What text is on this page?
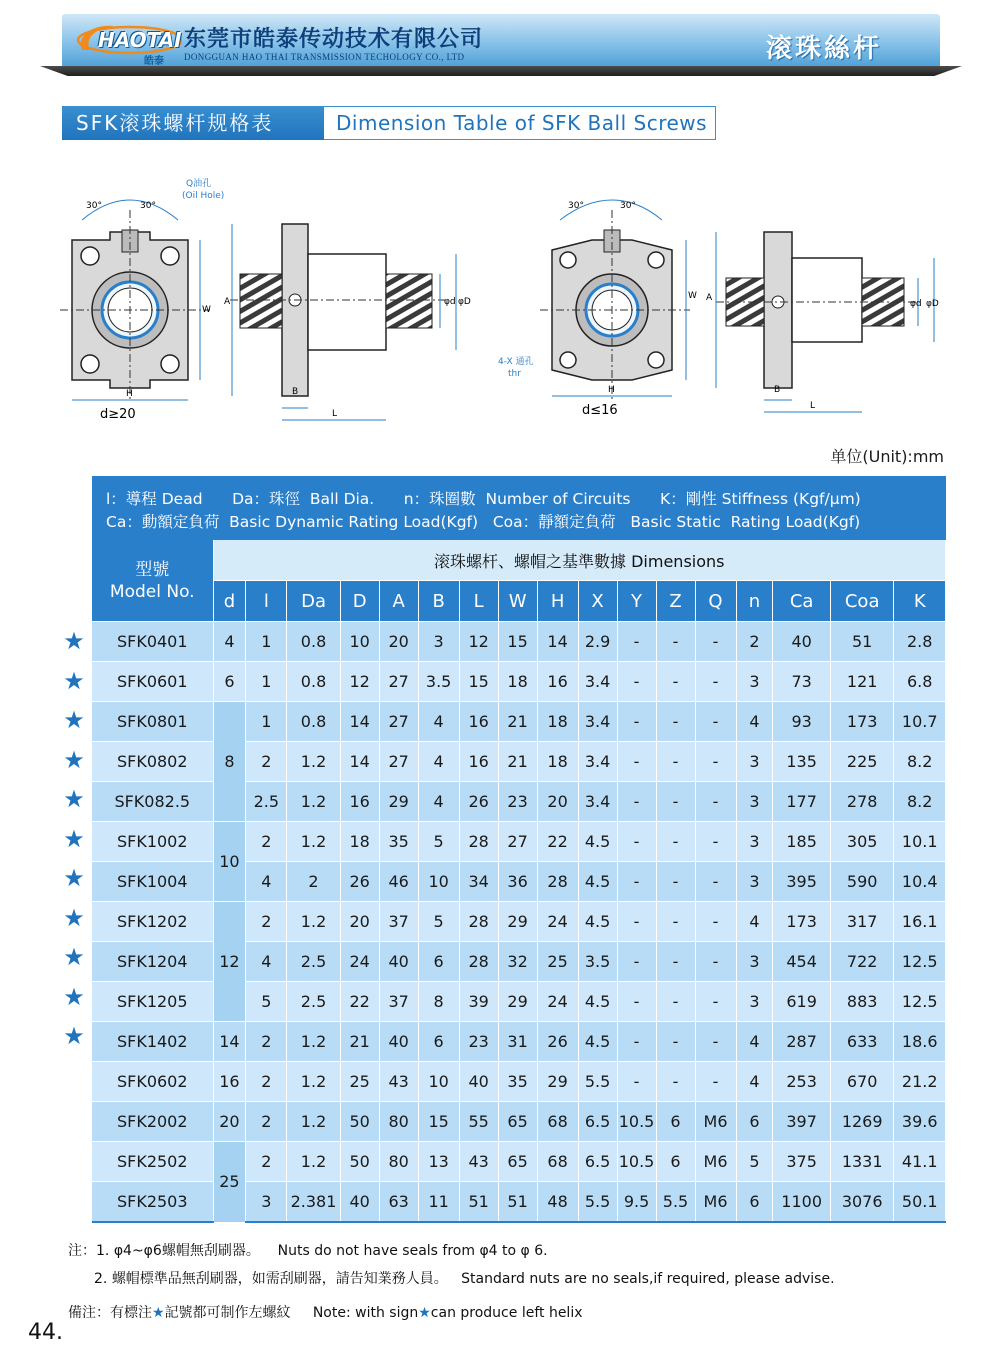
HAOTAI
皓泰
东莞市皓泰传动技术有限公司
DONGGUAN HAO THAI TRANSMISSION TECHOLOGY CO., LTD	滚珠絲杆
SFK滚珠螺杆规格表	Dimension Table of SFK Ball Screws
30°	30°
Q油孔
(Oil Hole)
W
H
d≥20
A	φd φD
B
L
30°	30°
4-X 通孔
thr
W
H
d≤16
A
φd φD
B
L
单位(Unit):mm
l：導程 Dead      Da：珠徑  Ball Dia.      n：珠圈數  Number of Circuits      K：剛性 Stiffness (Kgf/μm)
Ca：動額定負荷  Basic Dynamic Rating Load(Kgf)   Coa：靜額定負荷   Basic Static  Rating Load(Kgf)
型號
Model No.	滚珠螺杆、螺帽之基準數據 Dimensions																
	d	l	Da	D	A	B	L	W	H	X	Y	Z	Q	n	Ca	Coa	K
SFK0401	4	1	0.8	10	20	3	12	15	14	2.9	-	-	-	2	40	51	2.8
SFK0601	6	1	0.8	12	27	3.5	15	18	16	3.4	-	-	-	3	73	121	6.8
SFK0801	8	1	0.8	14	27	4	16	21	18	3.4	-	-	-	4	93	173	10.7
SFK0802		2	1.2	14	27	4	16	21	18	3.4	-	-	-	3	135	225	8.2
SFK082.5		2.5	1.2	16	29	4	26	23	20	3.4	-	-	-	3	177	278	8.2
SFK1002	10	2	1.2	18	35	5	28	27	22	4.5	-	-	-	3	185	305	10.1
SFK1004		4	2	26	46	10	34	36	28	4.5	-	-	-	3	395	590	10.4
SFK1202	12	2	1.2	20	37	5	28	29	24	4.5	-	-	-	4	173	317	16.1
SFK1204		4	2.5	24	40	6	28	32	25	3.5	-	-	-	3	454	722	12.5
SFK1205		5	2.5	22	37	8	39	29	24	4.5	-	-	-	3	619	883	12.5
SFK1402	14	2	1.2	21	40	6	23	31	26	4.5	-	-	-	4	287	633	18.6
SFK0602	16	2	1.2	25	43	10	40	35	29	5.5	-	-	-	4	253	670	21.2
SFK2002	20	2	1.2	50	80	15	55	65	68	6.5	10.5	6	M6	6	397	1269	39.6
SFK2502	25	2	1.2	50	80	13	43	65	68	6.5	10.5	6	M6	5	375	1331	41.1
SFK2503		3	2.381	40	63	11	51	51	48	5.5	9.5	5.5	M6	6	1100	3076	50.1
★
★
★
★
★
★
★
★
★
★
★
注：1. φ4~φ6螺帽無刮刷器。 Nuts do not have seals from φ4 to φ 6.
2. 螺帽標準品無刮刷器，如需刮刷器，請告知業務人員。 Standard nuts are no seals,if required, please advise.
備注：有標注★記號都可制作左螺紋 Note: with sign★can produce left helix
44.
